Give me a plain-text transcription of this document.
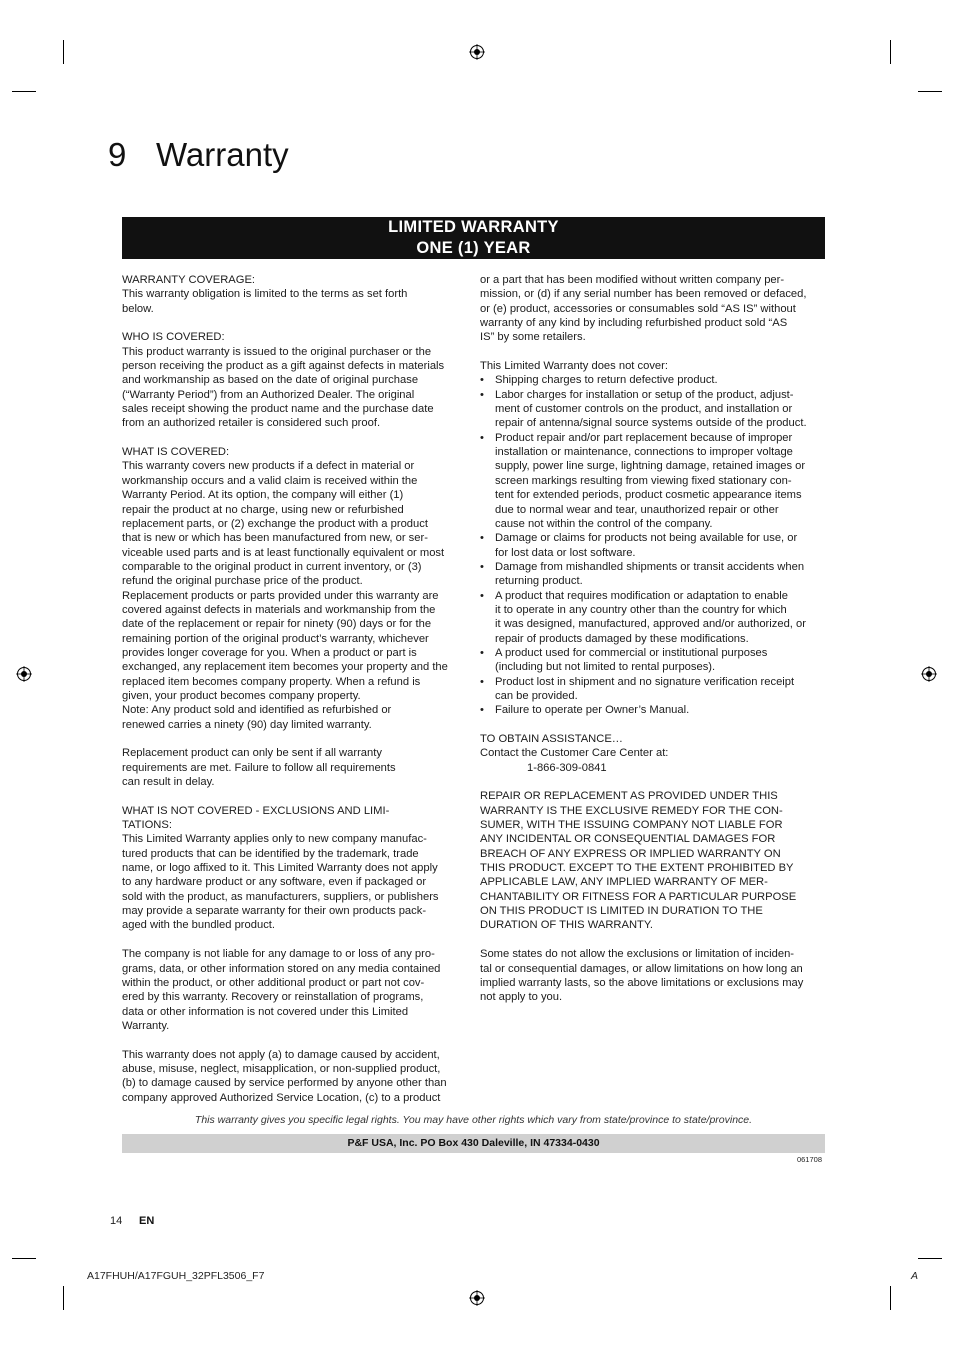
9 Warranty
LIMITED WARRANTY
ONE (1) YEAR

WARRANTY COVERAGE:

This warranty obligation is limited to the terms as set forth

below.

WHO IS COVERED:

This product warranty is issued to the original purchaser or the

person receiving the product as a gift against defects in materials

and workmanship as based on the date of original purchase

(“Warranty Period”) from an Authorized Dealer. The original

sales receipt showing the product name and the purchase date

from an authorized retailer is considered such proof.

WHAT IS COVERED:

This warranty covers new products if a defect in material or

workmanship occurs and a valid claim is received within the

Warranty Period. At its option, the company will either (1)

repair the product at no charge, using new or refurbished

replacement parts, or (2) exchange the product with a product

that is new or which has been manufactured from new, or ser-

viceable used parts and is at least functionally equivalent or most

comparable to the original product in current inventory, or (3)

refund the original purchase price of the product.

Replacement products or parts provided under this warranty are

covered against defects in materials and workmanship from the

date of the replacement or repair for ninety (90) days or for the

remaining portion of the original product’s warranty, whichever

provides longer coverage for you. When a product or part is

exchanged, any replacement item becomes your property and the

replaced item becomes company property. When a refund is

given, your product becomes company property.

Note: Any product sold and identified as refurbished or

renewed carries a ninety (90) day limited warranty.

Replacement product can only be sent if all warranty

requirements are met. Failure to follow all requirements

can result in delay.

WHAT IS NOT COVERED - EXCLUSIONS AND LIMI-

TATIONS:

This Limited Warranty applies only to new company manufac-

tured products that can be identified by the trademark, trade

name, or logo affixed to it. This Limited Warranty does not apply

to any hardware product or any software, even if packaged or

sold with the product, as manufacturers, suppliers, or publishers

may provide a separate warranty for their own products pack-

aged with the bundled product.

The company is not liable for any damage to or loss of any pro-

grams, data, or other information stored on any media contained

within the product, or other additional product or part not cov-

ered by this warranty. Recovery or reinstallation of programs,

data or other information is not covered under this Limited

Warranty.

This warranty does not apply (a) to damage caused by accident,

abuse, misuse, neglect, misapplication, or non-supplied product,

(b) to damage caused by service performed by anyone other than

company approved Authorized Service Location, (c) to a product

or a part that has been modified without written company per-

mission, or (d) if any serial number has been removed or defaced,

or (e) product, accessories or consumables sold “AS IS” without

warranty of any kind by including refurbished product sold “AS

IS” by some retailers.

This Limited Warranty does not cover:

• Shipping charges to return defective product.

• Labor charges for installation or setup of the product, adjust-

ment of customer controls on the product, and installation or

repair of antenna/signal source systems outside of the product.

• Product repair and/or part replacement because of improper

installation or maintenance, connections to improper voltage

supply, power line surge, lightning damage, retained images or

screen markings resulting from viewing fixed stationary con-

tent for extended periods, product cosmetic appearance items

due to normal wear and tear, unauthorized repair or other

cause not within the control of the company.

• Damage or claims for products not being available for use, or

for lost data or lost software.

• Damage from mishandled shipments or transit accidents when

returning product.

• A product that requires modification or adaptation to enable

it to operate in any country other than the country for which

it was designed, manufactured, approved and/or authorized, or

repair of products damaged by these modifications.

• A product used for commercial or institutional purposes

(including but not limited to rental purposes).

• Product lost in shipment and no signature verification receipt

can be provided.

• Failure to operate per Owner’s Manual.

TO OBTAIN ASSISTANCE…

Contact the Customer Care Center at:

1-866-309-0841

REPAIR OR REPLACEMENT AS PROVIDED UNDER THIS

WARRANTY IS THE EXCLUSIVE REMEDY FOR THE CON-

SUMER, WITH THE ISSUING COMPANY NOT LIABLE FOR

ANY INCIDENTAL OR CONSEQUENTIAL DAMAGES FOR

BREACH OF ANY EXPRESS OR IMPLIED WARRANTY ON

THIS PRODUCT. EXCEPT TO THE EXTENT PROHIBITED BY

APPLICABLE LAW, ANY IMPLIED WARRANTY OF MER-

CHANTABILITY OR FITNESS FOR A PARTICULAR PURPOSE

ON THIS PRODUCT IS LIMITED IN DURATION TO THE

DURATION OF THIS WARRANTY.

Some states do not allow the exclusions or limitation of inciden-

tal or consequential damages, or allow limitations on how long an

implied warranty lasts, so the above limitations or exclusions may

not apply to you.

This warranty gives you specific legal rights. You may have other rights which vary from state/province to state/province.
P&F USA, Inc. PO Box 430 Daleville, IN 47334-0430
061708
14 EN
A17FHUH/A17FGUH_32PFL3506_F7	A
